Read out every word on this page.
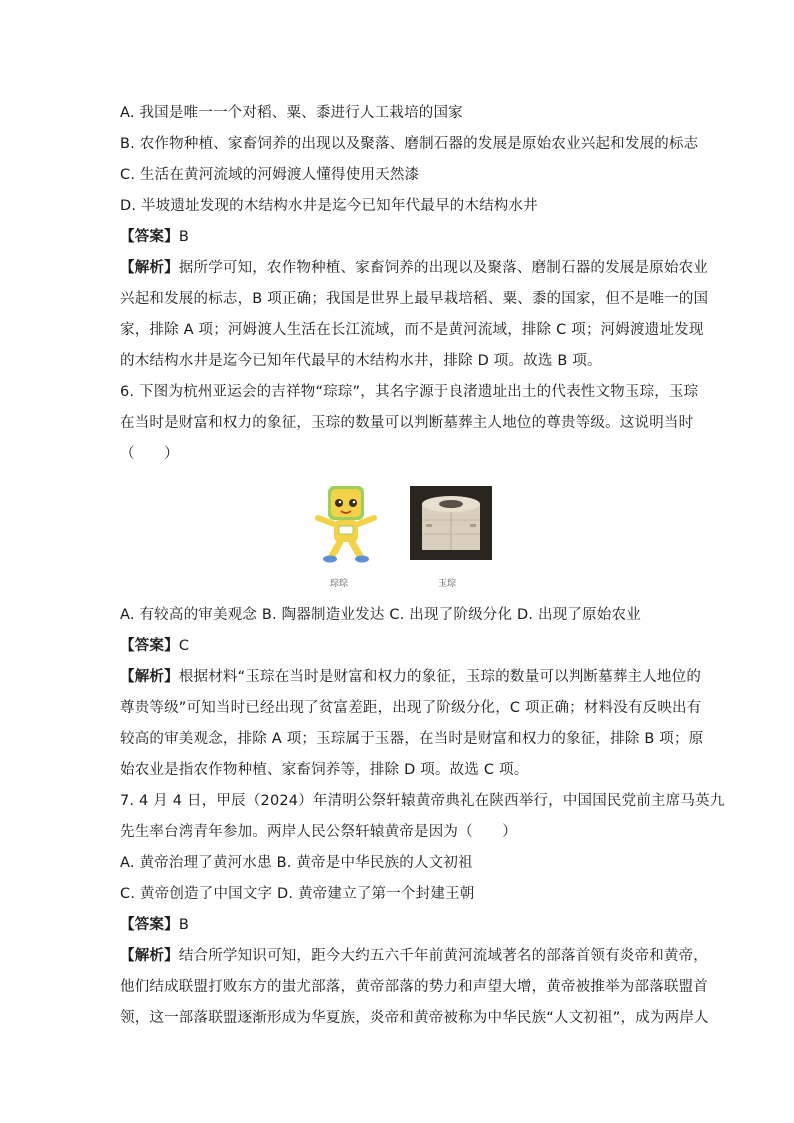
A. 我国是唯一一个对稻、粟、黍进行人工栽培的国家
B. 农作物种植、家畜饲养的出现以及聚落、磨制石器的发展是原始农业兴起和发展的标志
C. 生活在黄河流域的河姆渡人懂得使用天然漆
D. 半坡遗址发现的木结构水井是迄今已知年代最早的木结构水井
【答案】B
【解析】据所学可知，农作物种植、家畜饲养的出现以及聚落、磨制石器的发展是原始农业
兴起和发展的标志，B 项正确；我国是世界上最早栽培稻、粟、黍的国家，但不是唯一的国
家，排除 A 项；河姆渡人生活在长江流域，而不是黄河流域，排除 C 项；河姆渡遗址发现
的木结构水井是迄今已知年代最早的木结构水井，排除 D 项。故选 B 项。
6. 下图为杭州亚运会的吉祥物“琮琮”，其名字源于良渚遗址出土的代表性文物玉琮，玉琮
在当时是财富和权力的象征，玉琮的数量可以判断墓葬主人地位的尊贵等级。这说明当时
（　　）
琮琮	玉琮
A. 有较高的审美观念 B. 陶器制造业发达 C. 出现了阶级分化 D. 出现了原始农业
【答案】C
【解析】根据材料“玉琮在当时是财富和权力的象征，玉琮的数量可以判断墓葬主人地位的
尊贵等级”可知当时已经出现了贫富差距，出现了阶级分化，C 项正确；材料没有反映出有
较高的审美观念，排除 A 项；玉琮属于玉器，在当时是财富和权力的象征，排除 B 项；原
始农业是指农作物种植、家畜饲养等，排除 D 项。故选 C 项。
7. 4 月 4 日，甲辰（2024）年清明公祭轩辕黄帝典礼在陕西举行，中国国民党前主席马英九
先生率台湾青年参加。两岸人民公祭轩辕黄帝是因为（　　）
A. 黄帝治理了黄河水患 B. 黄帝是中华民族的人文初祖
C. 黄帝创造了中国文字 D. 黄帝建立了第一个封建王朝
【答案】B
【解析】结合所学知识可知，距今大约五六千年前黄河流域著名的部落首领有炎帝和黄帝，
他们结成联盟打败东方的蚩尤部落，黄帝部落的势力和声望大增，黄帝被推举为部落联盟首
领，这一部落联盟逐渐形成为华夏族，炎帝和黄帝被称为中华民族“人文初祖”，成为两岸人
